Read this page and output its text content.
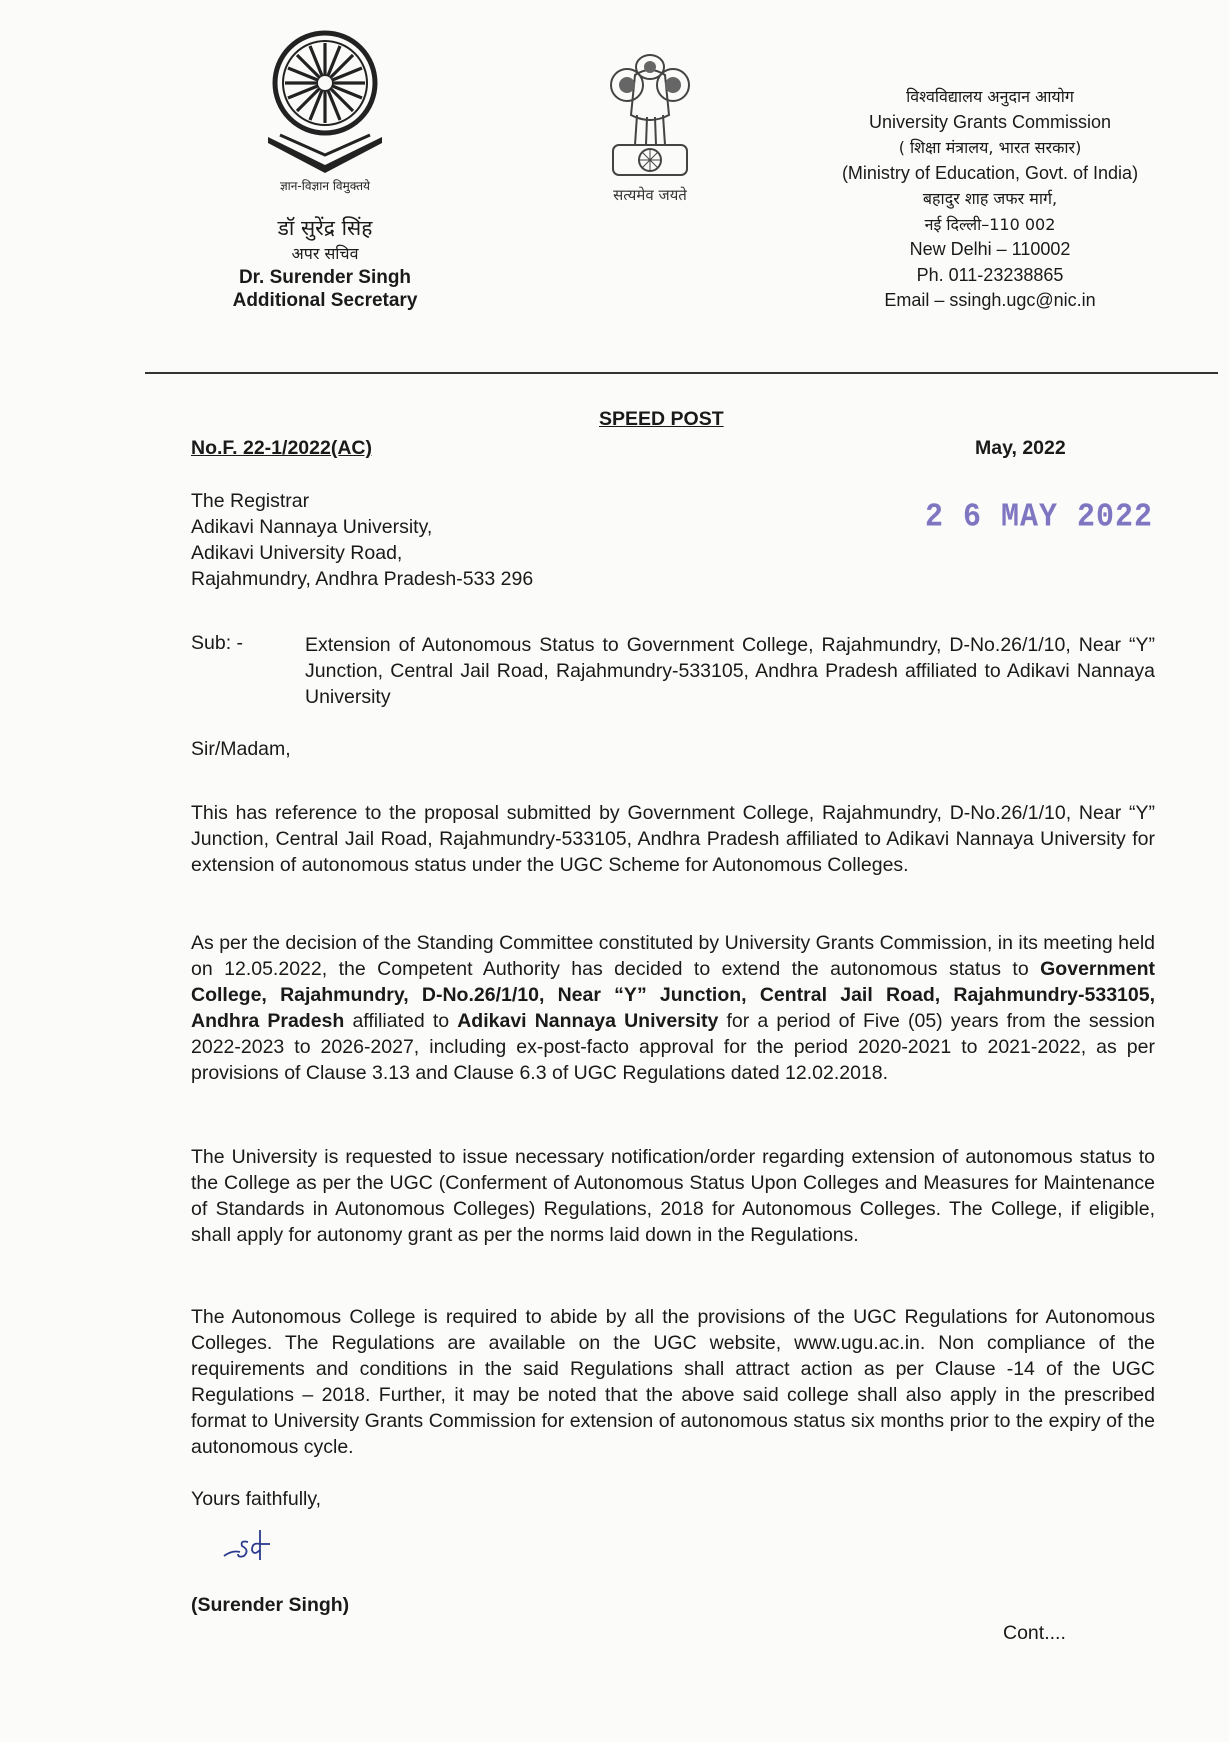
ज्ञान-विज्ञान विमुक्तये
डॉ सुरेंद्र सिंह
अपर सचिव
Dr. Surender Singh
Additional Secretary
सत्यमेव जयते
विश्वविद्यालय अनुदान आयोग
University Grants Commission
( शिक्षा मंत्रालय, भारत सरकार)
(Ministry of Education, Govt. of India)
बहादुर शाह जफर मार्ग,
नई दिल्ली–110 002
New Delhi – 110002
Ph. 011-23238865
Email – ssingh.ugc@nic.in
SPEED POST
No.F. 22-1/2022(AC)	May, 2022
The Registrar
Adikavi Nannaya University,
Adikavi University Road,
Rajahmundry, Andhra Pradesh-533 296
2 6 MAY 2022
Sub: -	Extension of Autonomous Status to Government College, Rajahmundry, D-No.26/1/10, Near “Y” Junction, Central Jail Road, Rajahmundry-533105, Andhra Pradesh affiliated to Adikavi Nannaya University
Sir/Madam,
This has reference to the proposal submitted by Government College, Rajahmundry, D-No.26/1/10, Near “Y” Junction, Central Jail Road, Rajahmundry-533105, Andhra Pradesh affiliated to Adikavi Nannaya University for extension of autonomous status under the UGC Scheme for Autonomous Colleges.
As per the decision of the Standing Committee constituted by University Grants Commission, in its meeting held on 12.05.2022, the Competent Authority has decided to extend the autonomous status to Government College, Rajahmundry, D-No.26/1/10, Near “Y” Junction, Central Jail Road, Rajahmundry-533105, Andhra Pradesh affiliated to Adikavi Nannaya University for a period of Five (05) years from the session 2022-2023 to 2026-2027, including ex-post-facto approval for the period 2020-2021 to 2021-2022, as per provisions of Clause 3.13 and Clause 6.3 of UGC Regulations dated 12.02.2018.
The University is requested to issue necessary notification/order regarding extension of autonomous status to the College as per the UGC (Conferment of Autonomous Status Upon Colleges and Measures for Maintenance of Standards in Autonomous Colleges) Regulations, 2018 for Autonomous Colleges. The College, if eligible, shall apply for autonomy grant as per the norms laid down in the Regulations.
The Autonomous College is required to abide by all the provisions of the UGC Regulations for Autonomous Colleges. The Regulations are available on the UGC website, www.ugu.ac.in. Non compliance of the requirements and conditions in the said Regulations shall attract action as per Clause -14 of the UGC Regulations – 2018. Further, it may be noted that the above said college shall also apply in the prescribed format to University Grants Commission for extension of autonomous status six months prior to the expiry of the autonomous cycle.
Yours faithfully,
(Surender Singh)
Cont....
